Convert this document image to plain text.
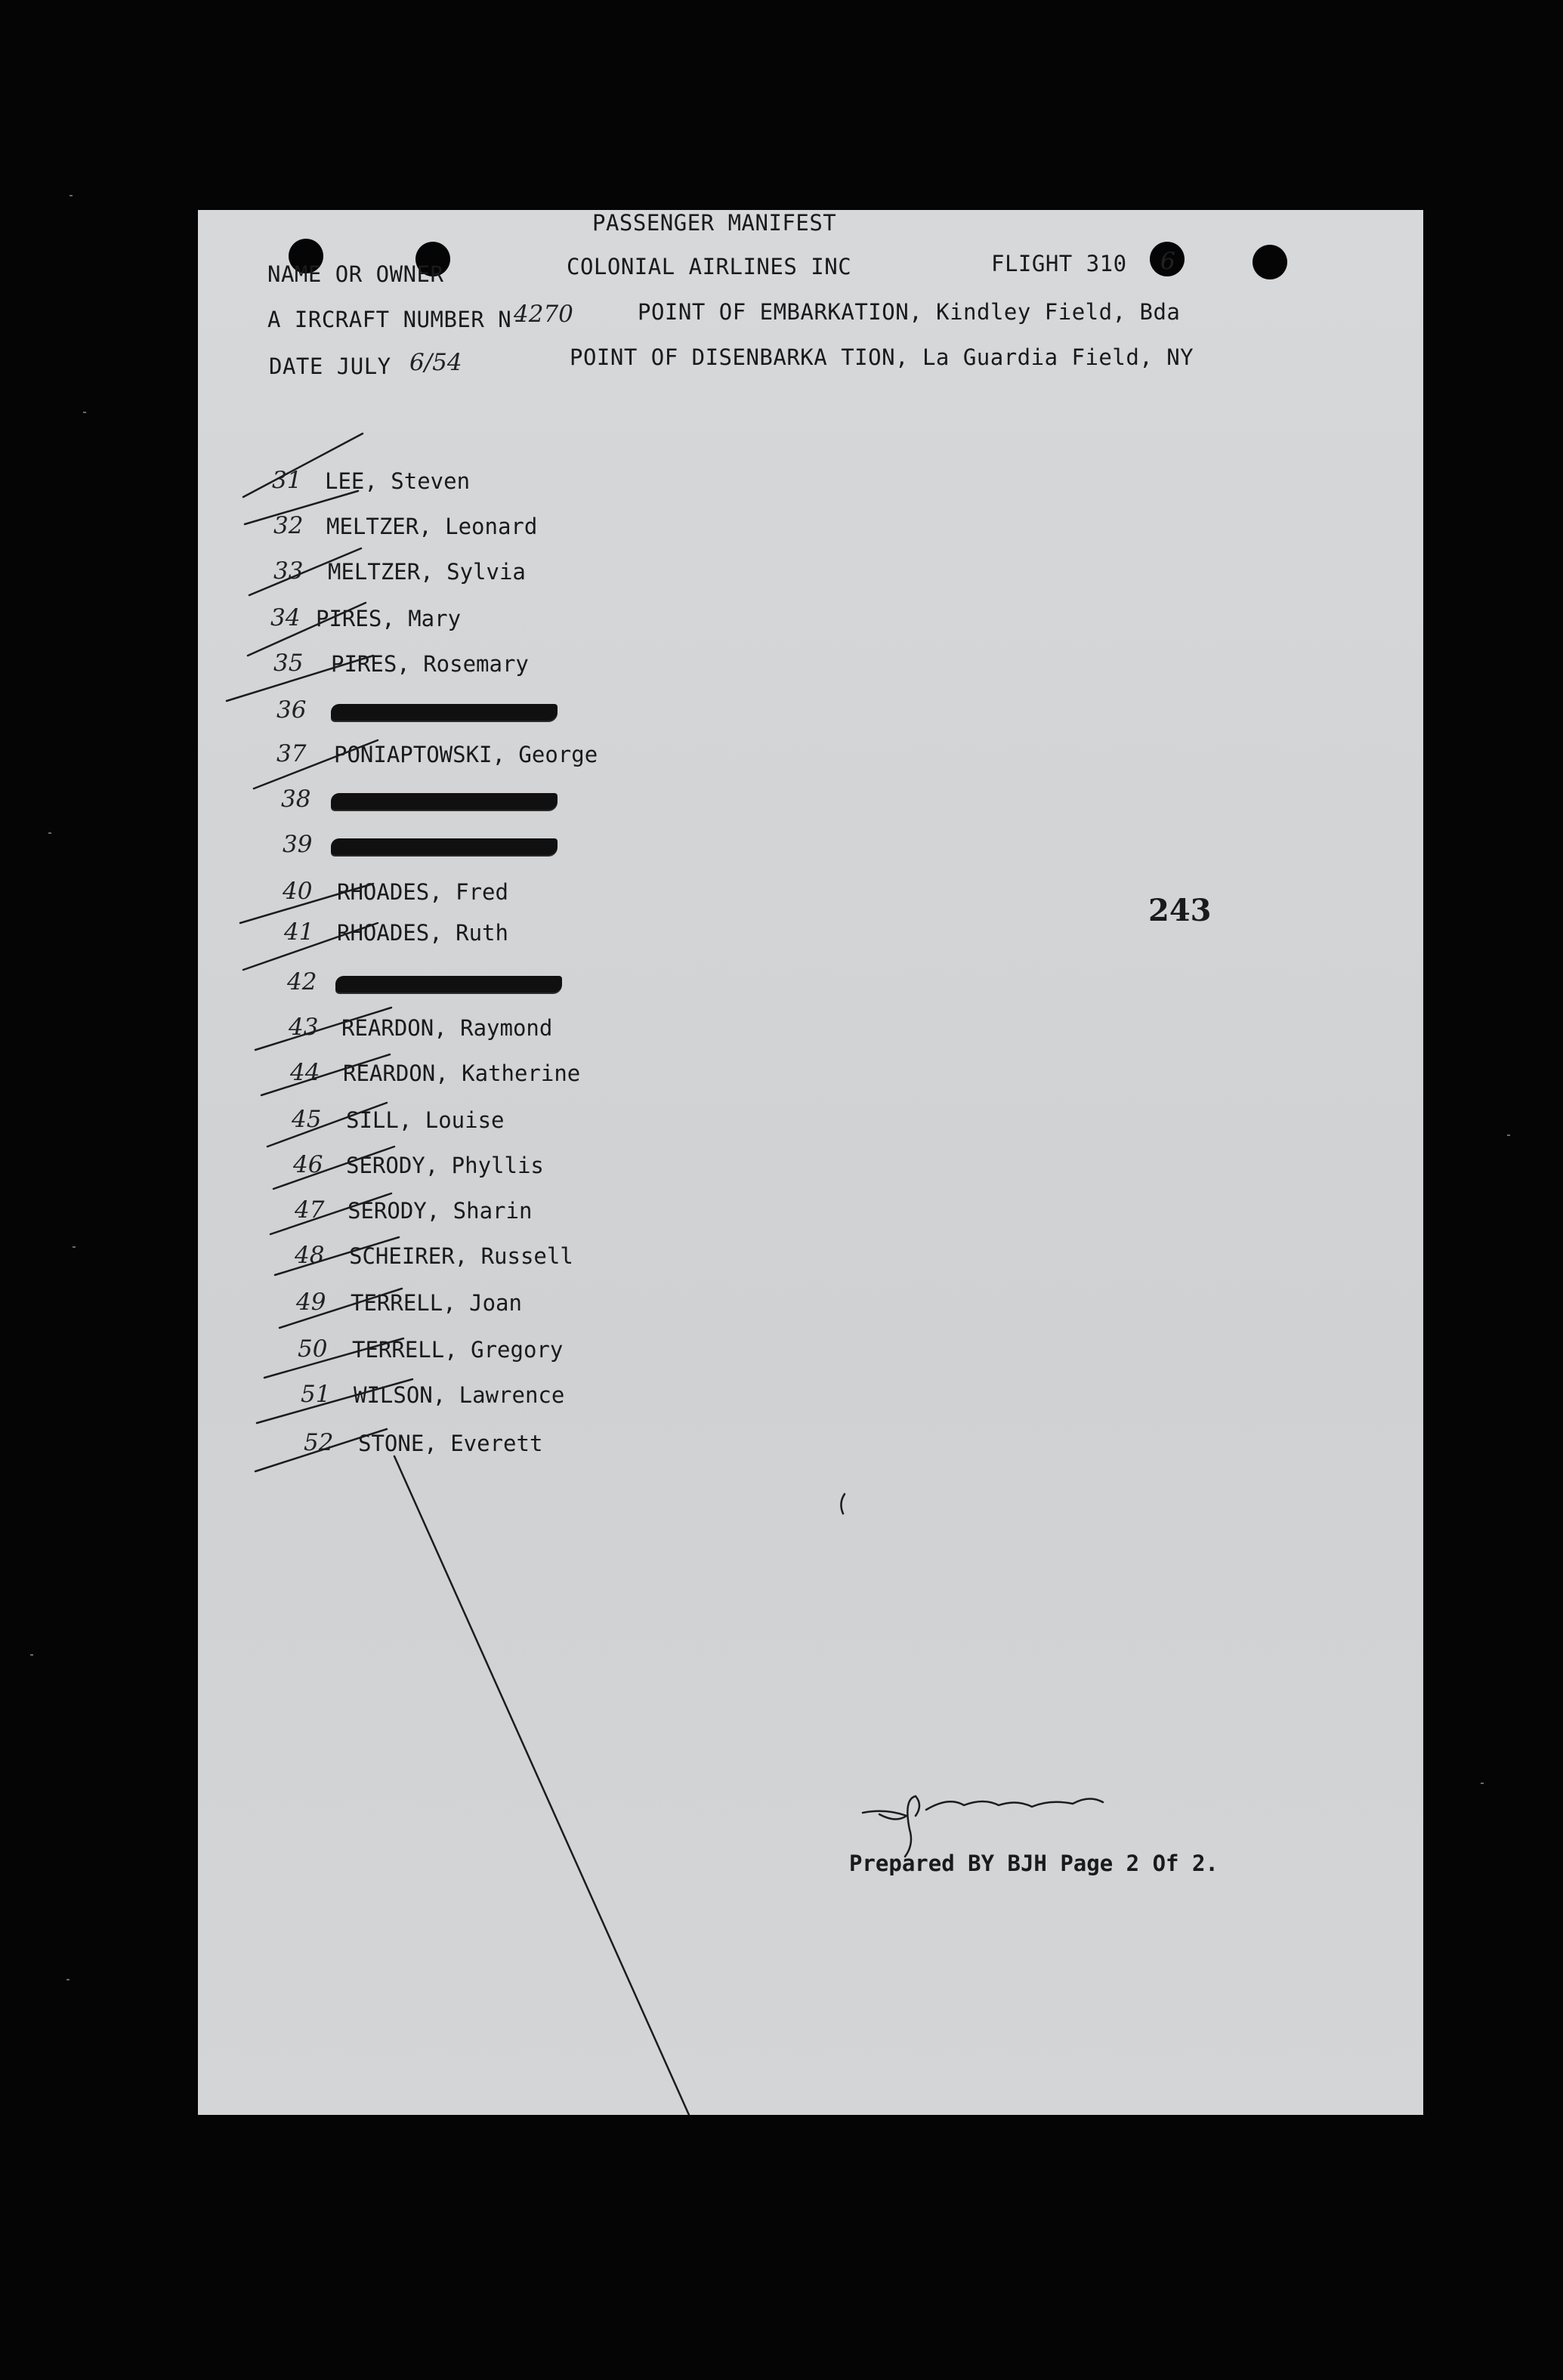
PASSENGER MANIFEST
NAME OR OWNER	COLONIAL AIRLINES INC	FLIGHT 310 6
A IRCRAFT NUMBER N-
4270	POINT OF EMBARKATION, Kindley Field, Bda
DATE JULY 6/54	POINT OF DISENBARKA TION, La Guardia Field, NY
31	LEE, Steven
32	MELTZER, Leonard
33	MELTZER, Sylvia
34 PIRES, Mary
35	PIRES, Rosemary
36
37	PONIAPTOWSKI, George
38
39
40	RHOADES, Fred
41	RHOADES, Ruth
42
43	REARDON, Raymond
44	REARDON, Katherine
45	SILL, Louise
46	SERODY, Phyllis
47	SERODY, Sharin
48	SCHEIRER, Russell
49	TERRELL, Joan
50	TERRELL, Gregory
51	WILSON, Lawrence
52	STONE, Everett
243
Prepared BY BJH Page 2 Of 2.
